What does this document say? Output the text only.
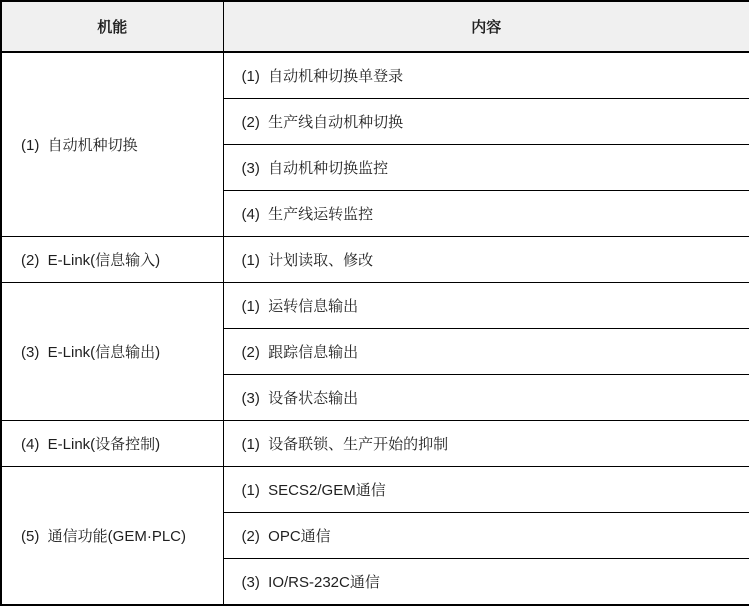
机能	内容
(1)  自动机种切换	(1)  自动机种切换单登录
	(2)  生产线自动机种切换
	(3)  自动机种切换监控
	(4)  生产线运转监控
(2)  E-Link(信息输入)	(1)  计划读取、修改
(3)  E-Link(信息输出)	(1)  运转信息输出
	(2)  跟踪信息输出
	(3)  设备状态输出
(4)  E-Link(设备控制)	(1)  设备联锁、生产开始的抑制
(5)  通信功能(GEM·PLC)	(1)  SECS2/GEM通信
	(2)  OPC通信
	(3)  IO/RS-232C通信
